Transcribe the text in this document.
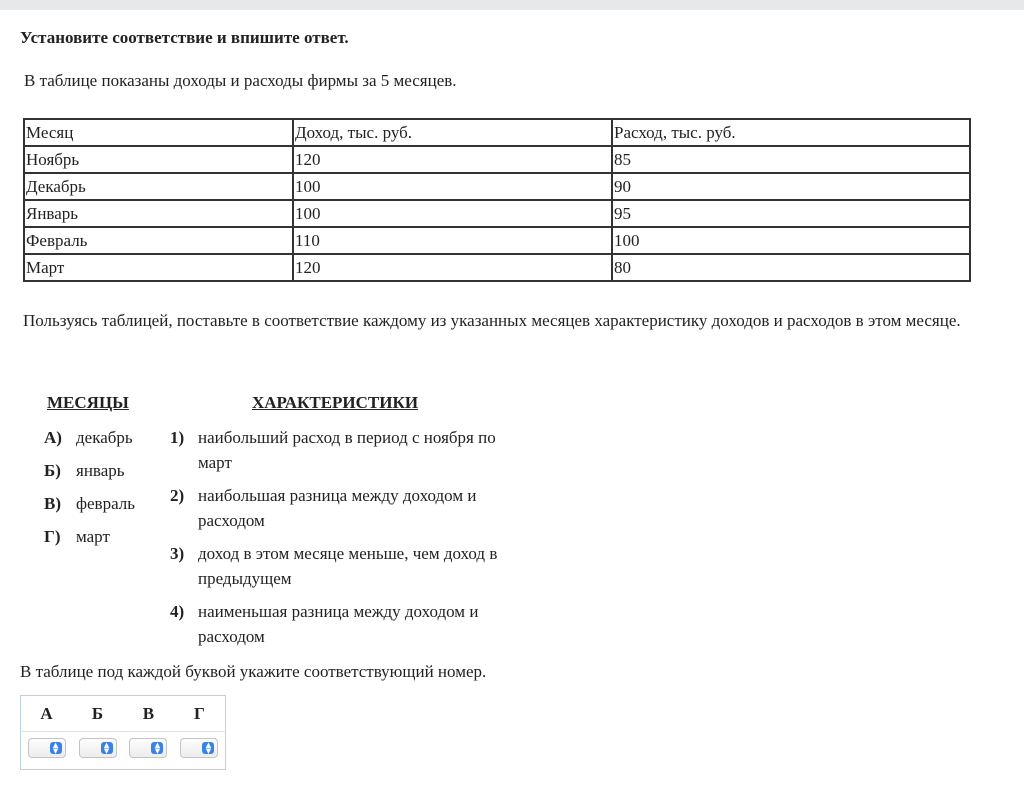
Установите соответствие и впишите ответ.
В таблице показаны доходы и расходы фирмы за 5 месяцев.
Месяц	Доход, тыс. руб.	Расход, тыс. руб.
Ноябрь	120	85
Декабрь	100	90
Январь	100	95
Февраль	110	100
Март	120	80
Пользуясь таблицей, поставьте в соответствие каждому из указанных месяцев характеристику доходов и расходов в этом месяце.
МЕСЯЦЫ	ХАРАКТЕРИСТИКИ
А) декабрь
Б) январь
В) февраль
Г) март
1) наибольший расход в период с ноября по март
2) наибольшая разница между доходом и расходом
3) доход в этом месяце меньше, чем доход в предыдущем
4) наименьшая разница между доходом и расходом
В таблице под каждой буквой укажите соответствующий номер.
А	Б	В	Г

▲
▼	▲
▼	▲
▼	▲
▼
